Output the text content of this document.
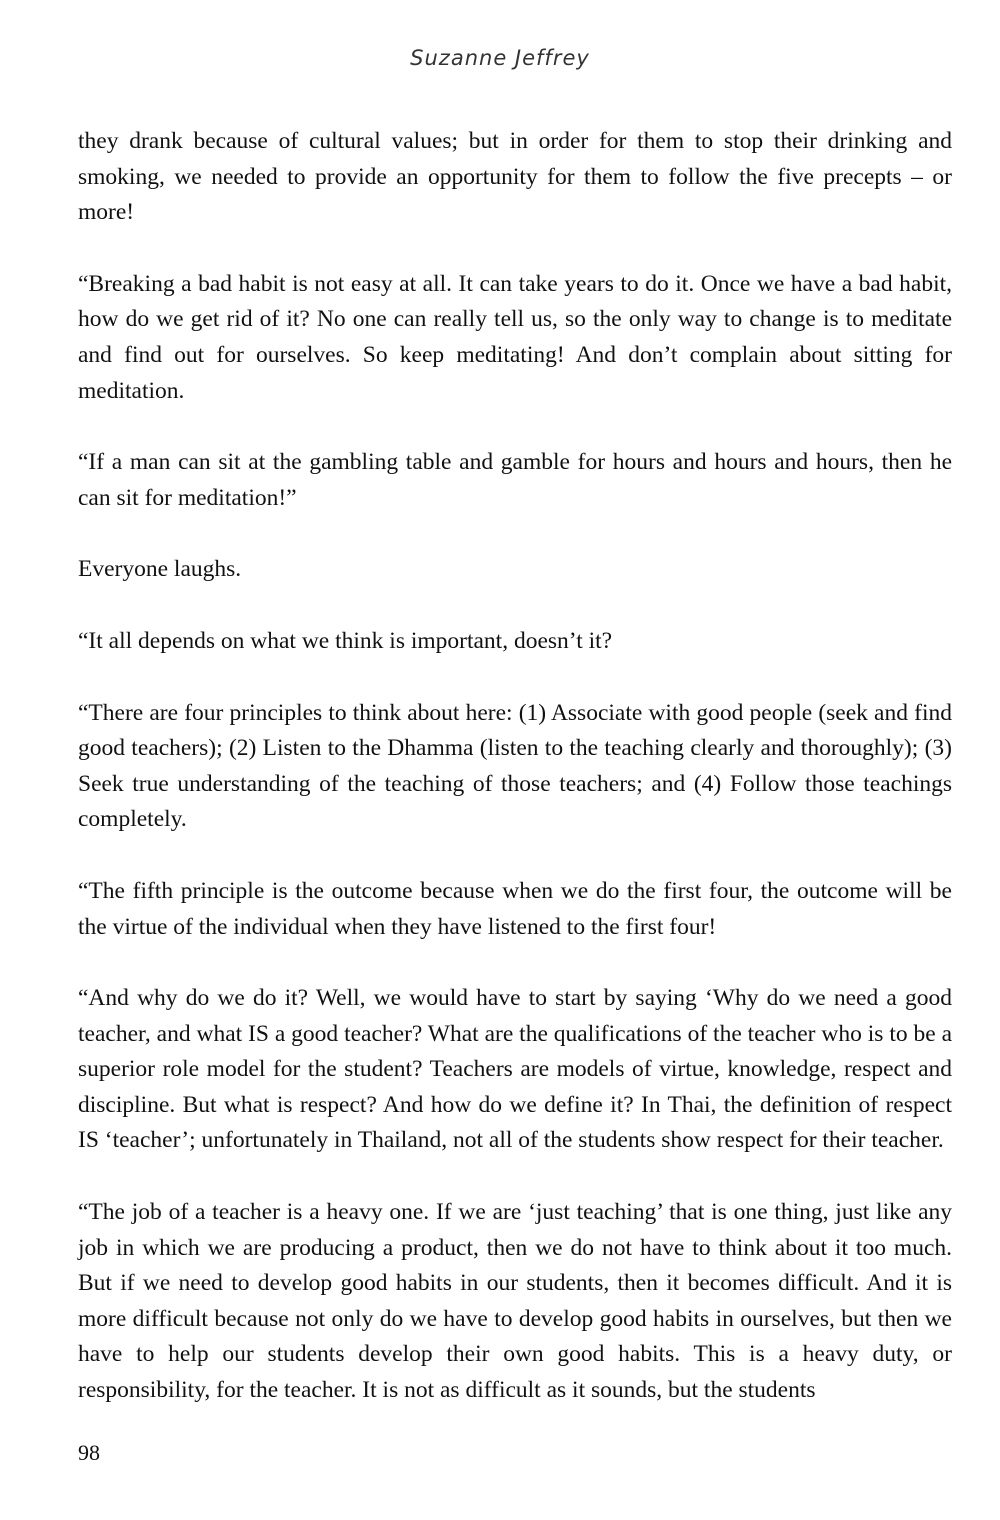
Suzanne Jeffrey

they drank because of cultural values; but in order for them to stop their drinking and smoking, we needed to provide an opportunity for them to follow the five precepts – or more!

“Breaking a bad habit is not easy at all. It can take years to do it. Once we have a bad habit, how do we get rid of it? No one can really tell us, so the only way to change is to meditate and find out for ourselves. So keep meditating! And don’t complain about sitting for meditation.

“If a man can sit at the gambling table and gamble for hours and hours and hours, then he can sit for meditation!”

Everyone laughs.

“It all depends on what we think is important, doesn’t it?

“There are four principles to think about here: (1) Associate with good people (seek and find good teachers); (2) Listen to the Dhamma (listen to the teaching clearly and thoroughly); (3) Seek true understanding of the teaching of those teachers; and (4) Follow those teachings completely.

“The fifth principle is the outcome because when we do the first four, the outcome will be the virtue of the individual when they have listened to the first four!

“And why do we do it? Well, we would have to start by saying ‘Why do we need a good teacher, and what IS a good teacher? What are the qualifications of the teacher who is to be a superior role model for the student? Teachers are models of virtue, knowledge, respect and discipline. But what is respect? And how do we define it? In Thai, the definition of respect IS ‘teacher’; unfortunately in Thailand, not all of the students show respect for their teacher.

“The job of a teacher is a heavy one. If we are ‘just teaching’ that is one thing, just like any job in which we are producing a product, then we do not have to think about it too much. But if we need to develop good habits in our students, then it becomes difficult. And it is more difficult because not only do we have to develop good habits in ourselves, but then we have to help our students develop their own good habits. This is a heavy duty, or responsibility, for the teacher. It is not as difficult as it sounds, but the students

98
